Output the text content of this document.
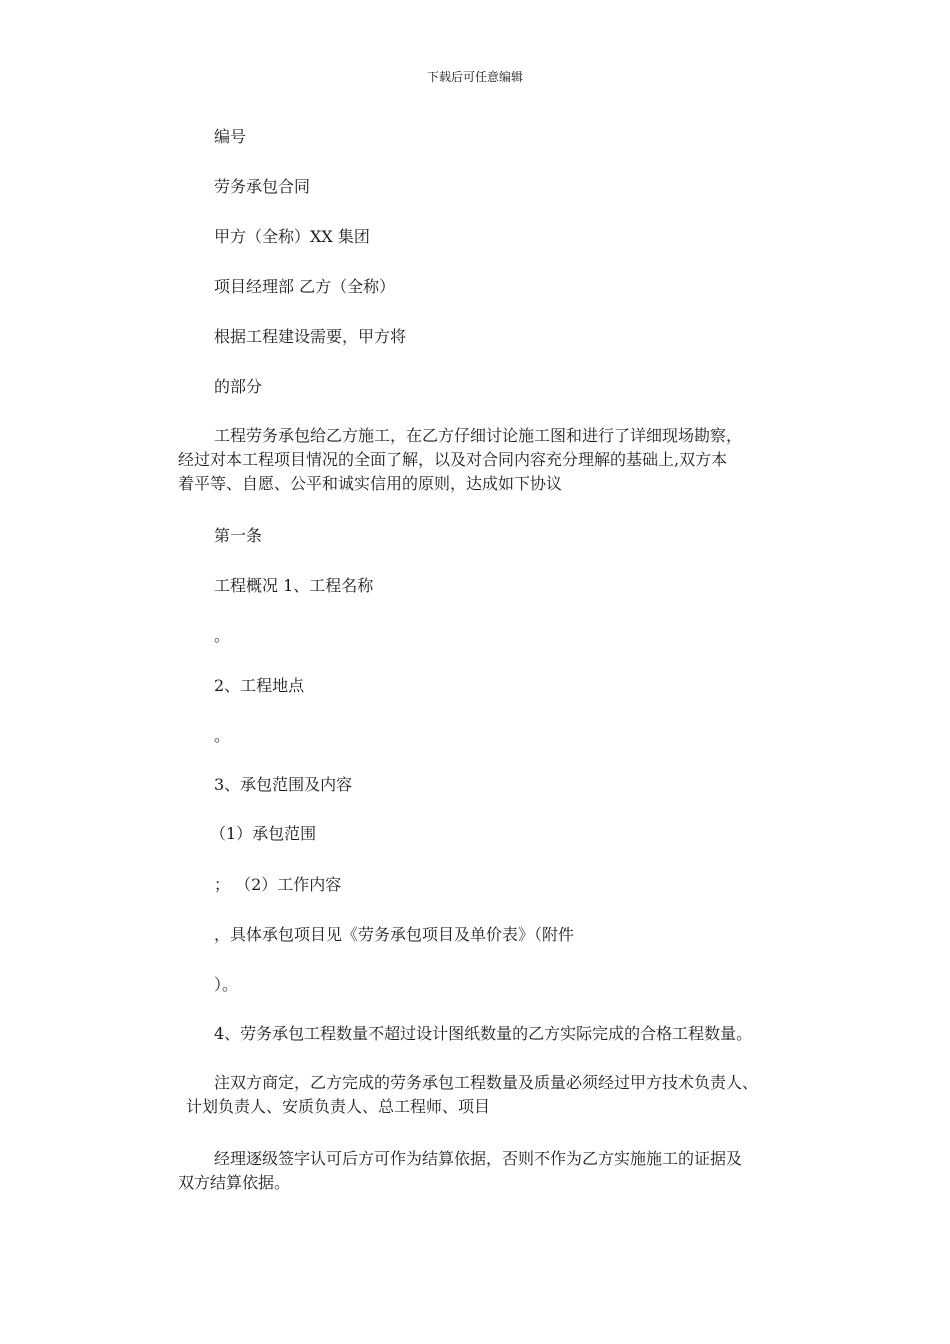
下载后可任意编辑
编号
劳务承包合同
甲方（全称）XX 集团
项目经理部 乙方（全称）
根据工程建设需要，甲方将
的部分
工程劳务承包给乙方施工，在乙方仔细讨论施工图和进行了详细现场勘察，
经过对本工程项目情况的全面了解，以及对合同内容充分理解的基础上,双方本
着平等、自愿、公平和诚实信用的原则，达成如下协议
第一条
工程概况 1、工程名称
。
2、工程地点
。
3、承包范围及内容
（1）承包范围
； （2）工作内容
，具体承包项目见《劳务承包项目及单价表》（附件
）。
4、劳务承包工程数量不超过设计图纸数量的乙方实际完成的合格工程数量。
注双方商定，乙方完成的劳务承包工程数量及质量必须经过甲方技术负责人、
计划负责人、安质负责人、总工程师、项目
经理逐级签字认可后方可作为结算依据，否则不作为乙方实施施工的证据及
双方结算依据。
